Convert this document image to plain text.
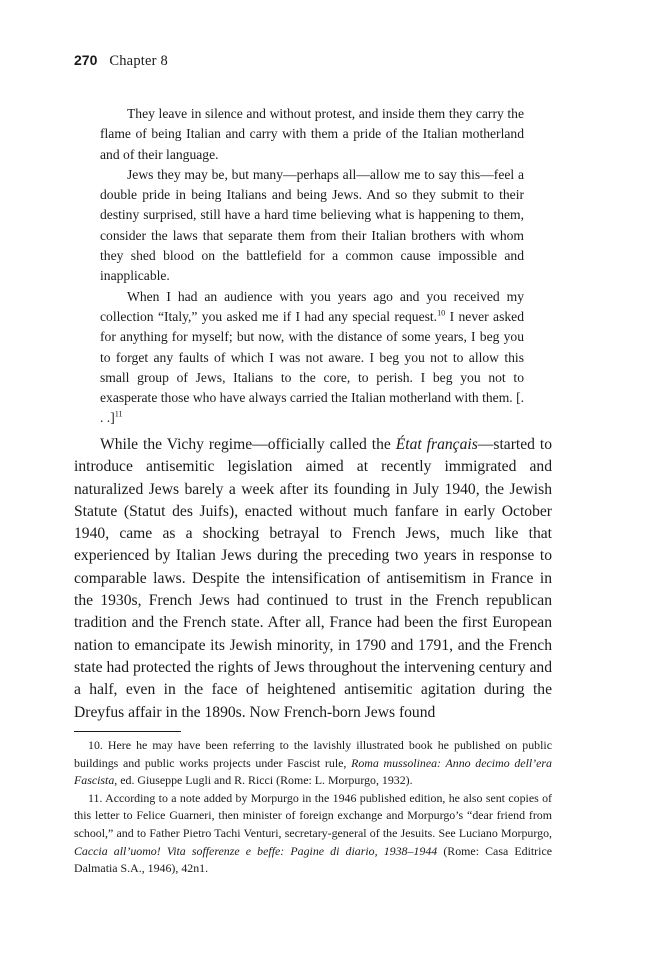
270 Chapter 8

They leave in silence and without protest, and inside them they carry the flame of being Italian and carry with them a pride of the Italian motherland and of their language.

Jews they may be, but many—perhaps all—allow me to say this—feel a double pride in being Italians and being Jews. And so they submit to their destiny surprised, still have a hard time believing what is happening to them, consider the laws that separate them from their Italian brothers with whom they shed blood on the battlefield for a common cause impossible and inapplicable.

When I had an audience with you years ago and you received my collection “Italy,” you asked me if I had any special request.$^{10}$ I never asked for anything for myself; but now, with the distance of some years, I beg you to forget any faults of which I was not aware. I beg you not to allow this small group of Jews, Italians to the core, to perish. I beg you not to exasperate those who have always carried the Italian motherland with them. [. . .]$^{11}$

While the Vichy regime—officially called the État français—started to introduce antisemitic legislation aimed at recently immigrated and naturalized Jews barely a week after its founding in July 1940, the Jewish Statute (Statut des Juifs), enacted without much fanfare in early October 1940, came as a shocking betrayal to French Jews, much like that experienced by Italian Jews during the preceding two years in response to comparable laws. Despite the intensification of antisemitism in France in the 1930s, French Jews had continued to trust in the French republican tradition and the French state. After all, France had been the first European nation to emancipate its Jewish minority, in 1790 and 1791, and the French state had protected the rights of Jews throughout the intervening century and a half, even in the face of heightened antisemitic agitation during the Dreyfus affair in the 1890s. Now French-born Jews found

10. Here he may have been referring to the lavishly illustrated book he published on public buildings and public works projects under Fascist rule, Roma mussolinea: Anno decimo dell’era Fascista, ed. Giuseppe Lugli and R. Ricci (Rome: L. Morpurgo, 1932).

11. According to a note added by Morpurgo in the 1946 published edition, he also sent copies of this letter to Felice Guarneri, then minister of foreign exchange and Morpurgo’s “dear friend from school,” and to Father Pietro Tachi Venturi, secretary-general of the Jesuits. See Luciano Morpurgo, Caccia all’uomo! Vita sofferenze e beffe: Pagine di diario, 1938–1944 (Rome: Casa Editrice Dalmatia S.A., 1946), 42n1.
